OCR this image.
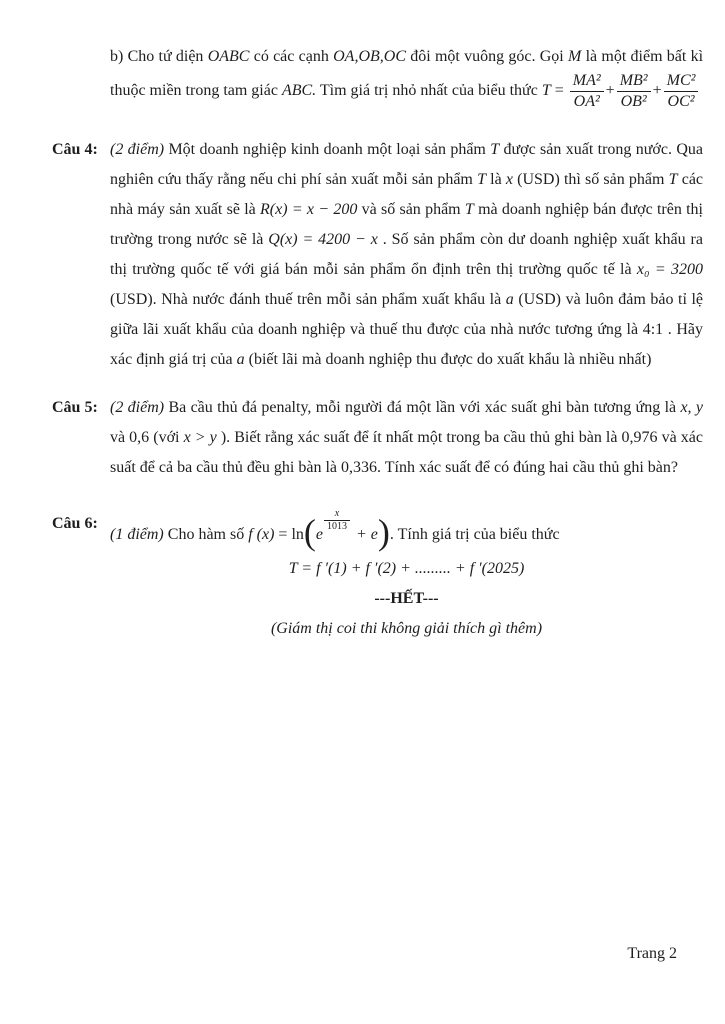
b) Cho tứ diện OABC có các cạnh OA,OB,OC đôi một vuông góc. Gọi M là một điểm bất kì thuộc miền trong tam giác ABC. Tìm giá trị nhỏ nhất của biểu thức $T = \frac{\text{MA²}}{\text{OA²}} + \frac{\text{MB²}}{\text{OB²}} + \frac{\text{MC²}}{\text{OC²}}$
Câu 4: (2 điểm) Một doanh nghiệp kinh doanh một loại sản phẩm T được sản xuất trong nước. Qua nghiên cứu thấy rằng nếu chi phí sản xuất mỗi sản phẩm T là x (USD) thì số sản phẩm T các nhà máy sản xuất sẽ là R(x) = x − 200 và số sản phẩm T mà doanh nghiệp bán được trên thị trường trong nước sẽ là Q(x) = 4200 − x . Số sản phẩm còn dư doanh nghiệp xuất khẩu ra thị trường quốc tế với giá bán mỗi sản phẩm ổn định trên thị trường quốc tế là x₀ = 3200 (USD). Nhà nước đánh thuế trên mỗi sản phẩm xuất khẩu là a (USD) và luôn đảm bảo tỉ lệ giữa lãi xuất khẩu của doanh nghiệp và thuế thu được của nhà nước tương ứng là 4:1 . Hãy xác định giá trị của a (biết lãi mà doanh nghiệp thu được do xuất khẩu là nhiều nhất)
Câu 5: (2 điểm) Ba cầu thủ đá penalty, mỗi người đá một lần với xác suất ghi bàn tương ứng là x, y và 0,6 (với x > y ). Biết rằng xác suất để ít nhất một trong ba cầu thủ ghi bàn là 0,976 và xác suất để cả ba cầu thủ đều ghi bàn là 0,336. Tính xác suất để có đúng hai cầu thủ ghi bàn?
Câu 6:
(1 điểm) Cho hàm số f (x) = ln(e
$\frac{x}{1013}$
+ e). Tính giá trị của biểu thức
T = f ′(1) + f ′(2) + ......... + f ′(2025)
---HẾT---
(Giám thị coi thi không giải thích gì thêm)
Trang 2
